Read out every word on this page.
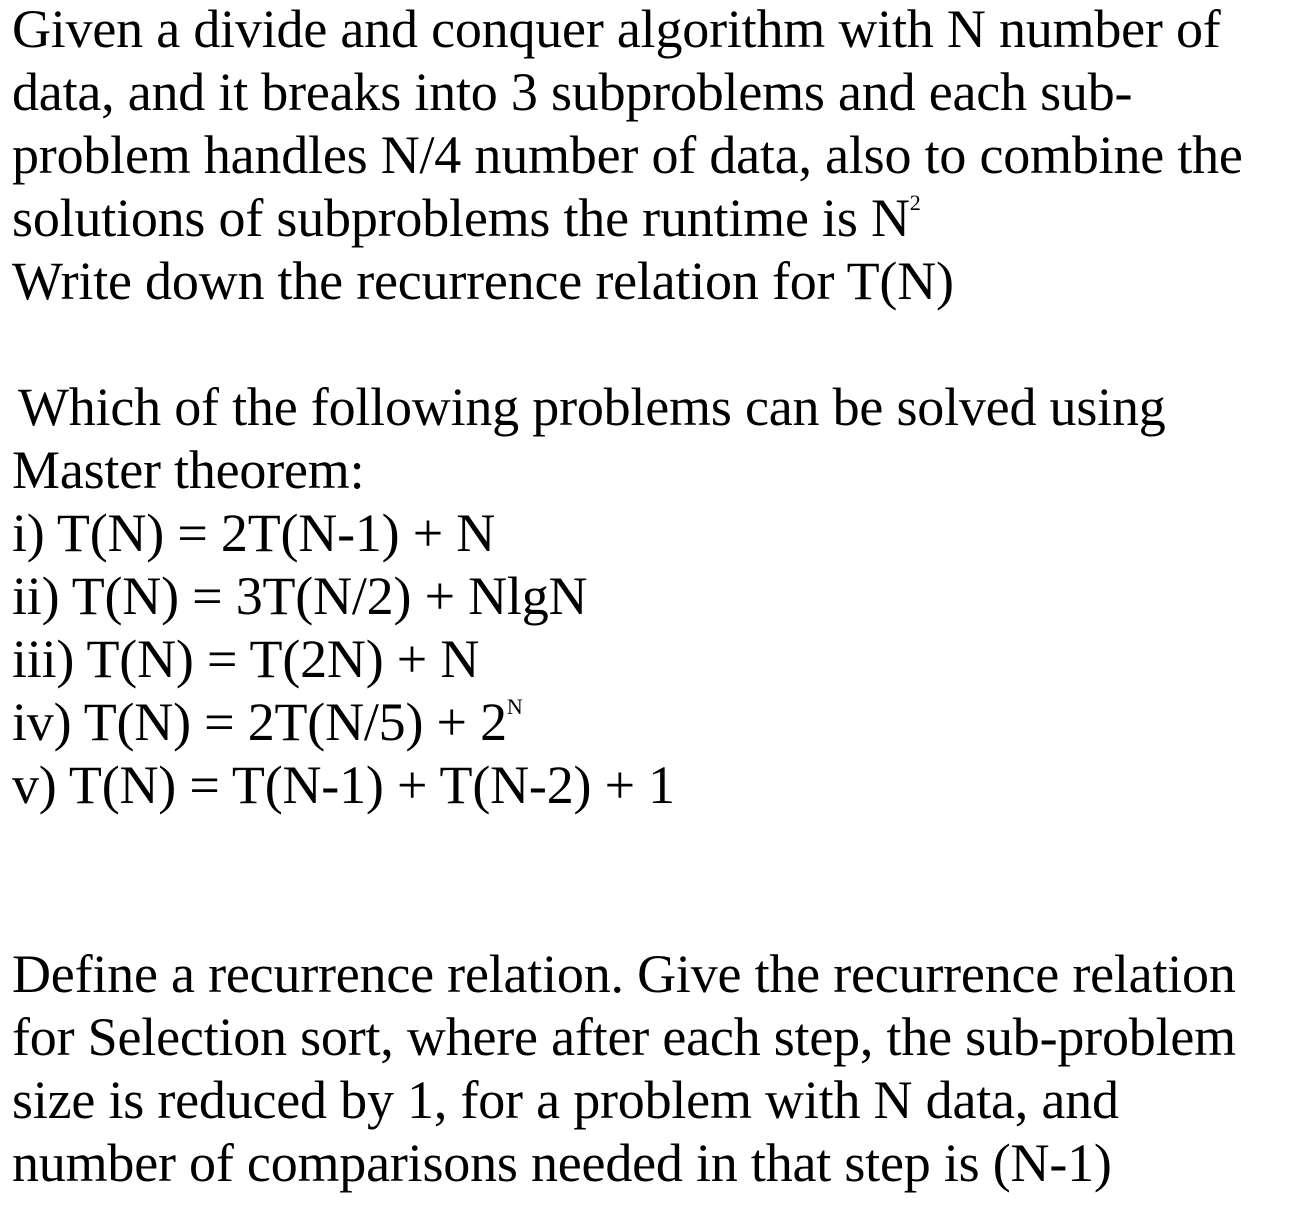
Given a divide and conquer algorithm with N number of
data, and it breaks into 3 subproblems and each sub-
problem handles N/4 number of data, also to combine the
solutions of subproblems the runtime is $N^2$
Write down the recurrence relation for T(N)
Which of the following problems can be solved using
Master theorem:
i) T(N) = 2T(N-1) + N
ii) T(N) = 3T(N/2) + NlgN
iii) T(N) = T(2N) + N
iv) $T(N) = 2T(N/5) + 2^N$
v) T(N) = T(N-1) + T(N-2) + 1
Define a recurrence relation. Give the recurrence relation
for Selection sort, where after each step, the sub-problem
size is reduced by 1, for a problem with N data, and
number of comparisons needed in that step is (N-1)
